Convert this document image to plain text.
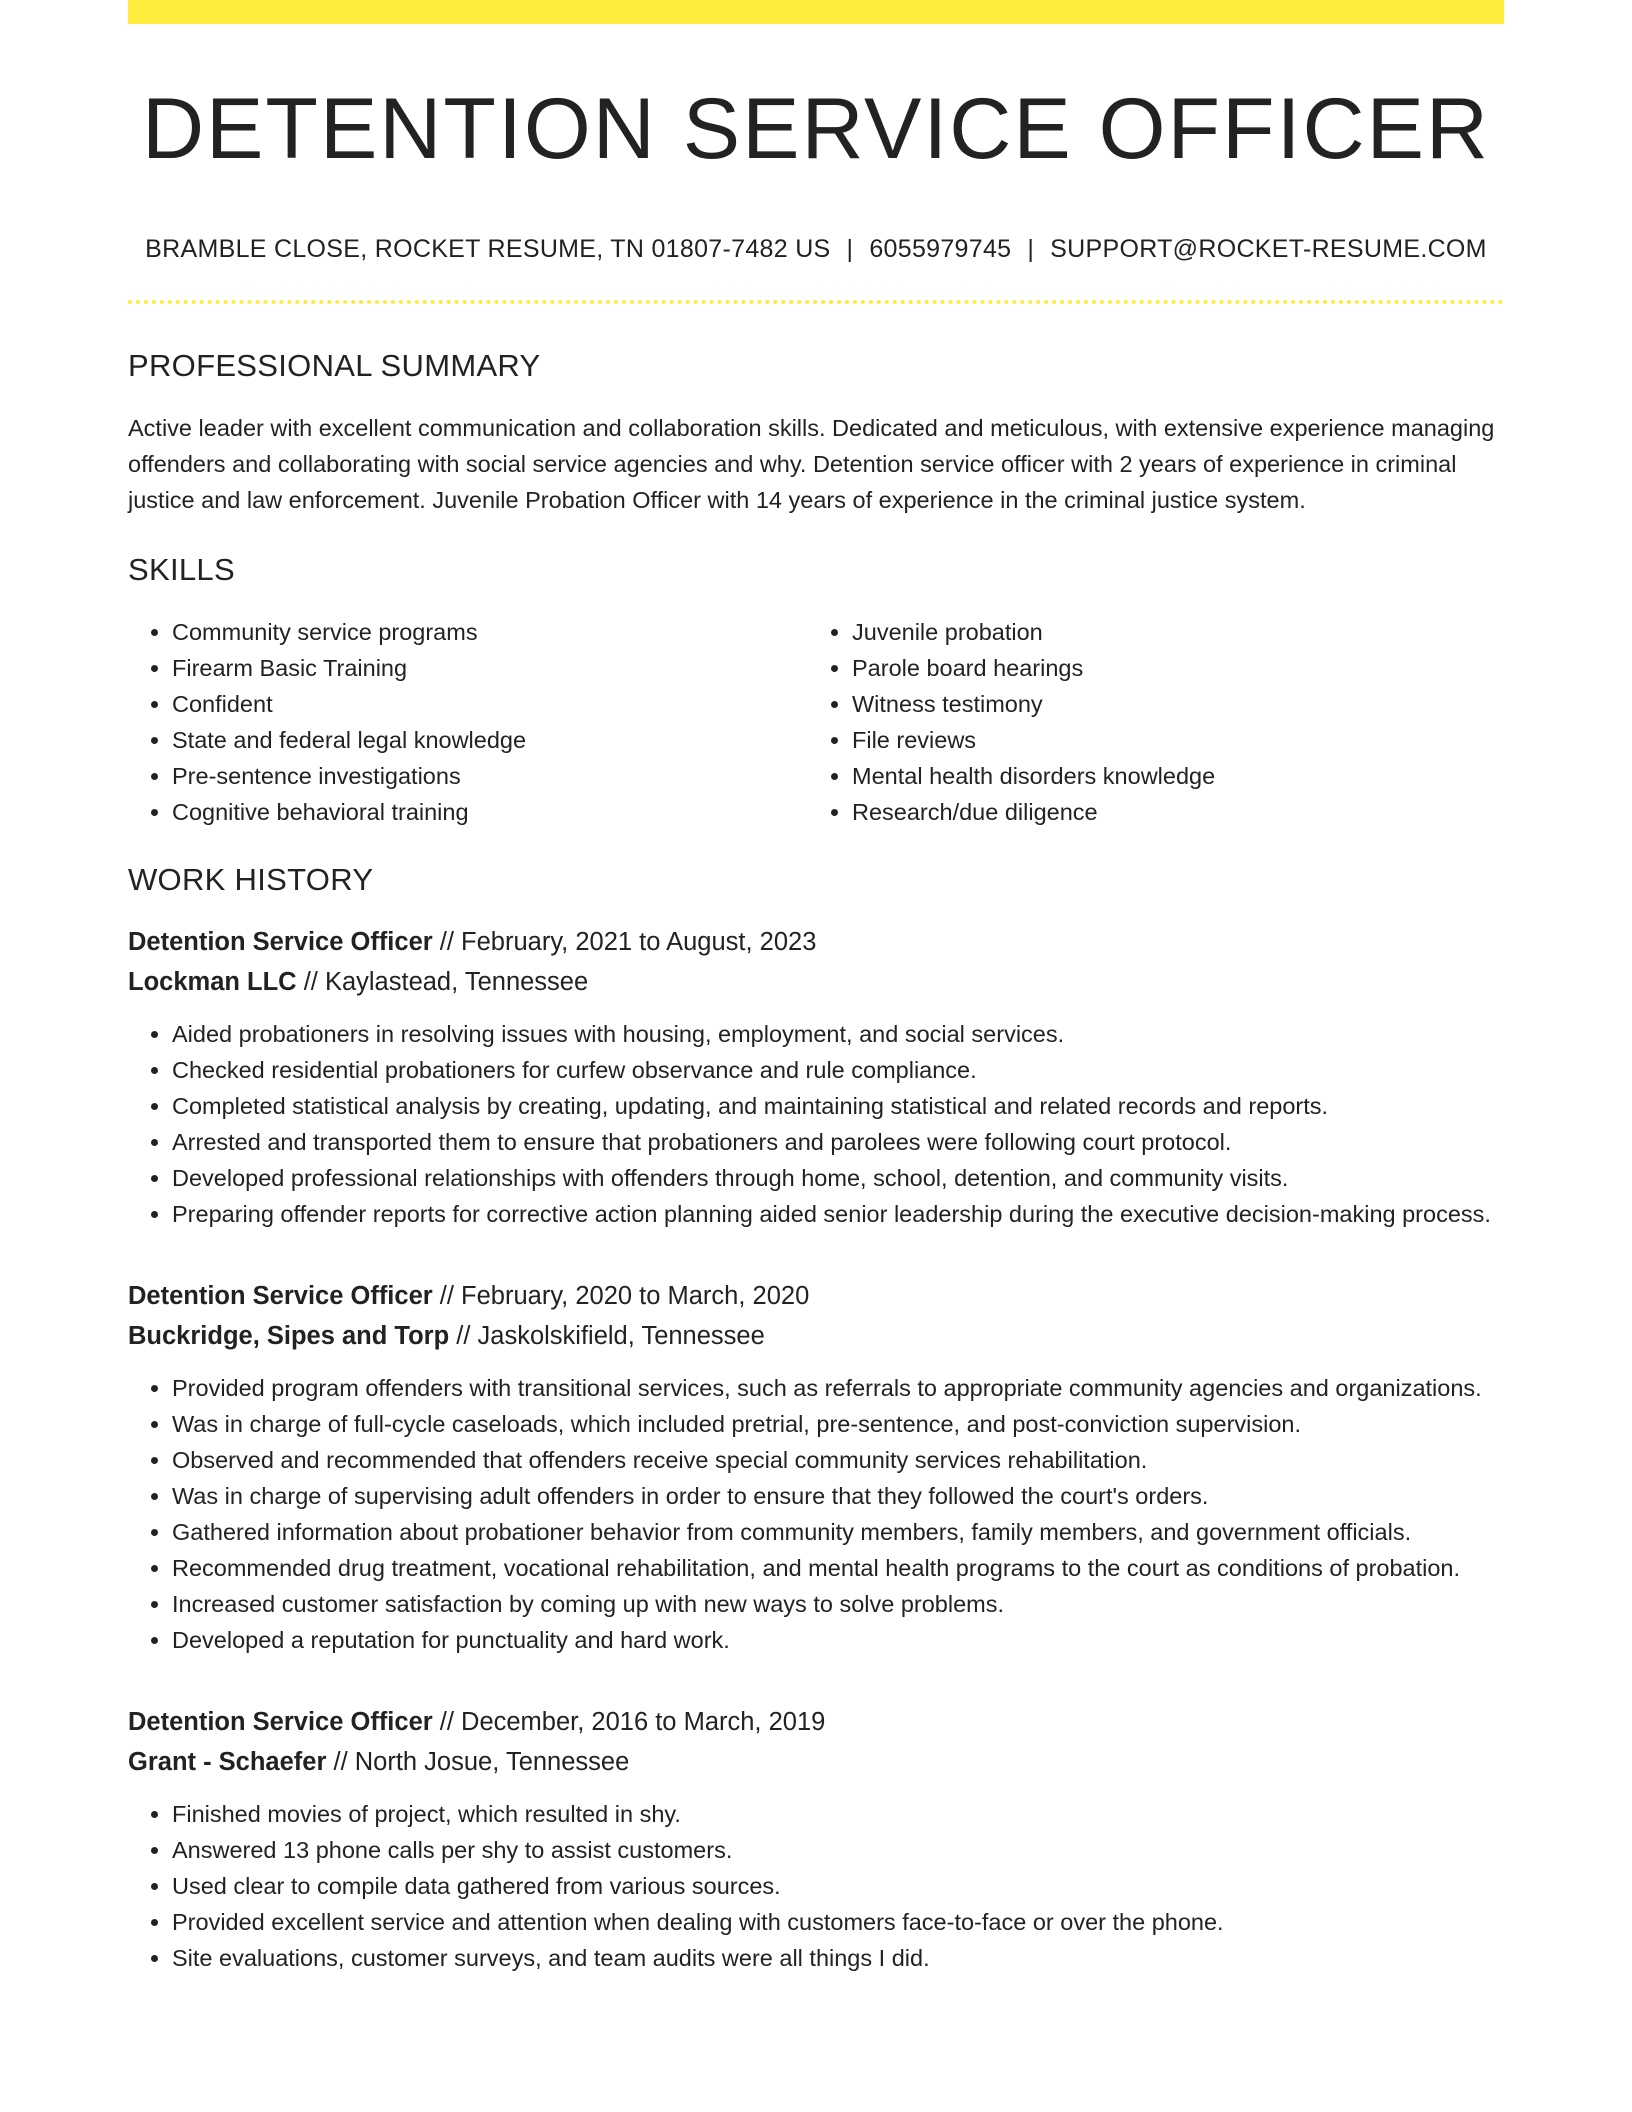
DETENTION SERVICE OFFICER
BRAMBLE CLOSE, ROCKET RESUME, TN 01807-7482 US | 6055979745 | SUPPORT@ROCKET-RESUME.COM
PROFESSIONAL SUMMARY

Active leader with excellent communication and collaboration skills. Dedicated and meticulous, with extensive experience managing offenders and collaborating with social service agencies and why. Detention service officer with 2 years of experience in criminal justice and law enforcement. Juvenile Probation Officer with 14 years of experience in the criminal justice system.

SKILLS
• Community service programs
• Firearm Basic Training
• Confident
• State and federal legal knowledge
• Pre-sentence investigations
• Cognitive behavioral training
• Juvenile probation
• Parole board hearings
• Witness testimony
• File reviews
• Mental health disorders knowledge
• Research/due diligence
WORK HISTORY
Detention Service Officer // February, 2021 to August, 2023
Lockman LLC // Kaylastead, Tennessee
• Aided probationers in resolving issues with housing, employment, and social services.
• Checked residential probationers for curfew observance and rule compliance.
• Completed statistical analysis by creating, updating, and maintaining statistical and related records and reports.
• Arrested and transported them to ensure that probationers and parolees were following court protocol.
• Developed professional relationships with offenders through home, school, detention, and community visits.
• Preparing offender reports for corrective action planning aided senior leadership during the executive decision-making process.
Detention Service Officer // February, 2020 to March, 2020
Buckridge, Sipes and Torp // Jaskolskifield, Tennessee
• Provided program offenders with transitional services, such as referrals to appropriate community agencies and organizations.
• Was in charge of full-cycle caseloads, which included pretrial, pre-sentence, and post-conviction supervision.
• Observed and recommended that offenders receive special community services rehabilitation.
• Was in charge of supervising adult offenders in order to ensure that they followed the court's orders.
• Gathered information about probationer behavior from community members, family members, and government officials.
• Recommended drug treatment, vocational rehabilitation, and mental health programs to the court as conditions of probation.
• Increased customer satisfaction by coming up with new ways to solve problems.
• Developed a reputation for punctuality and hard work.
Detention Service Officer // December, 2016 to March, 2019
Grant - Schaefer // North Josue, Tennessee
• Finished movies of project, which resulted in shy.
• Answered 13 phone calls per shy to assist customers.
• Used clear to compile data gathered from various sources.
• Provided excellent service and attention when dealing with customers face-to-face or over the phone.
• Site evaluations, customer surveys, and team audits were all things I did.
